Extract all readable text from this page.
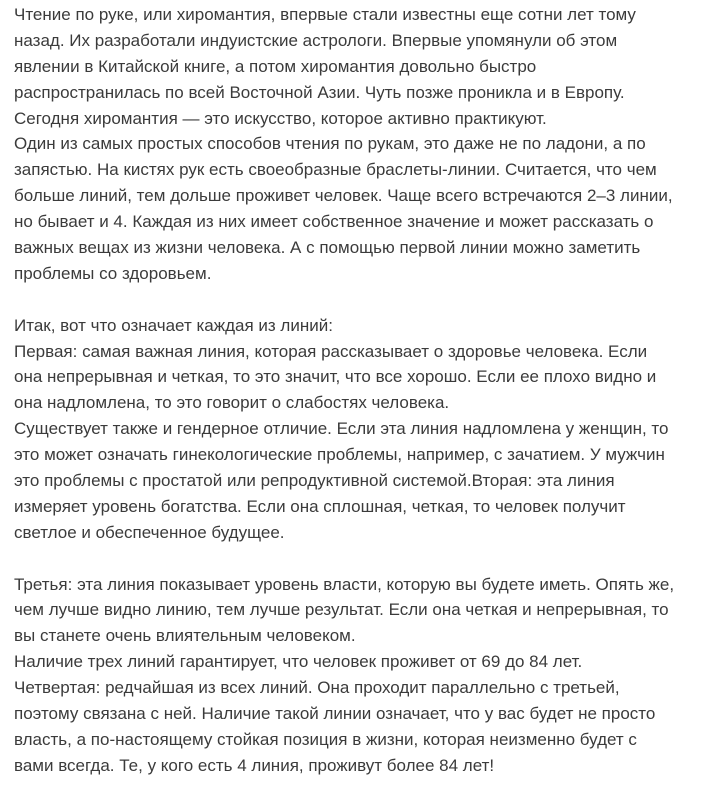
Чтение по руке, или хиромантия, впервые стали известны еще сотни лет тому
назад. Их разработали индуистские астрологи. Впервые упомянули об этом
явлении в Китайской книге, а потом хиромантия довольно быстро
распространилась по всей Восточной Азии. Чуть позже проникла и в Европу.
Сегодня хиромантия — это искусство, которое активно практикуют.
Один из самых простых способов чтения по рукам, это даже не по ладони, а по
запястью. На кистях рук есть своеобразные браслеты-линии. Считается, что чем
больше линий, тем дольше проживет человек. Чаще всего встречаются 2–3 линии,
но бывает и 4. Каждая из них имеет собственное значение и может рассказать о
важных вещах из жизни человека. А с помощью первой линии можно заметить
проблемы со здоровьем.
Итак, вот что означает каждая из линий:
Первая: самая важная линия, которая рассказывает о здоровье человека. Если
она непрерывная и четкая, то это значит, что все хорошо. Если ее плохо видно и
она надломлена, то это говорит о слабостях человека.
Существует также и гендерное отличие. Если эта линия надломлена у женщин, то
это может означать гинекологические проблемы, например, с зачатием. У мужчин
это проблемы с простатой или репродуктивной системой.Вторая: эта линия
измеряет уровень богатства. Если она сплошная, четкая, то человек получит
светлое и обеспеченное будущее.
Третья: эта линия показывает уровень власти, которую вы будете иметь. Опять же,
чем лучше видно линию, тем лучше результат. Если она четкая и непрерывная, то
вы станете очень влиятельным человеком.
Наличие трех линий гарантирует, что человек проживет от 69 до 84 лет.
Четвертая: редчайшая из всех линий. Она проходит параллельно с третьей,
поэтому связана с ней. Наличие такой линии означает, что у вас будет не просто
власть, а по-настоящему стойкая позиция в жизни, которая неизменно будет с
вами всегда. Те, у кого есть 4 линия, проживут более 84 лет!
